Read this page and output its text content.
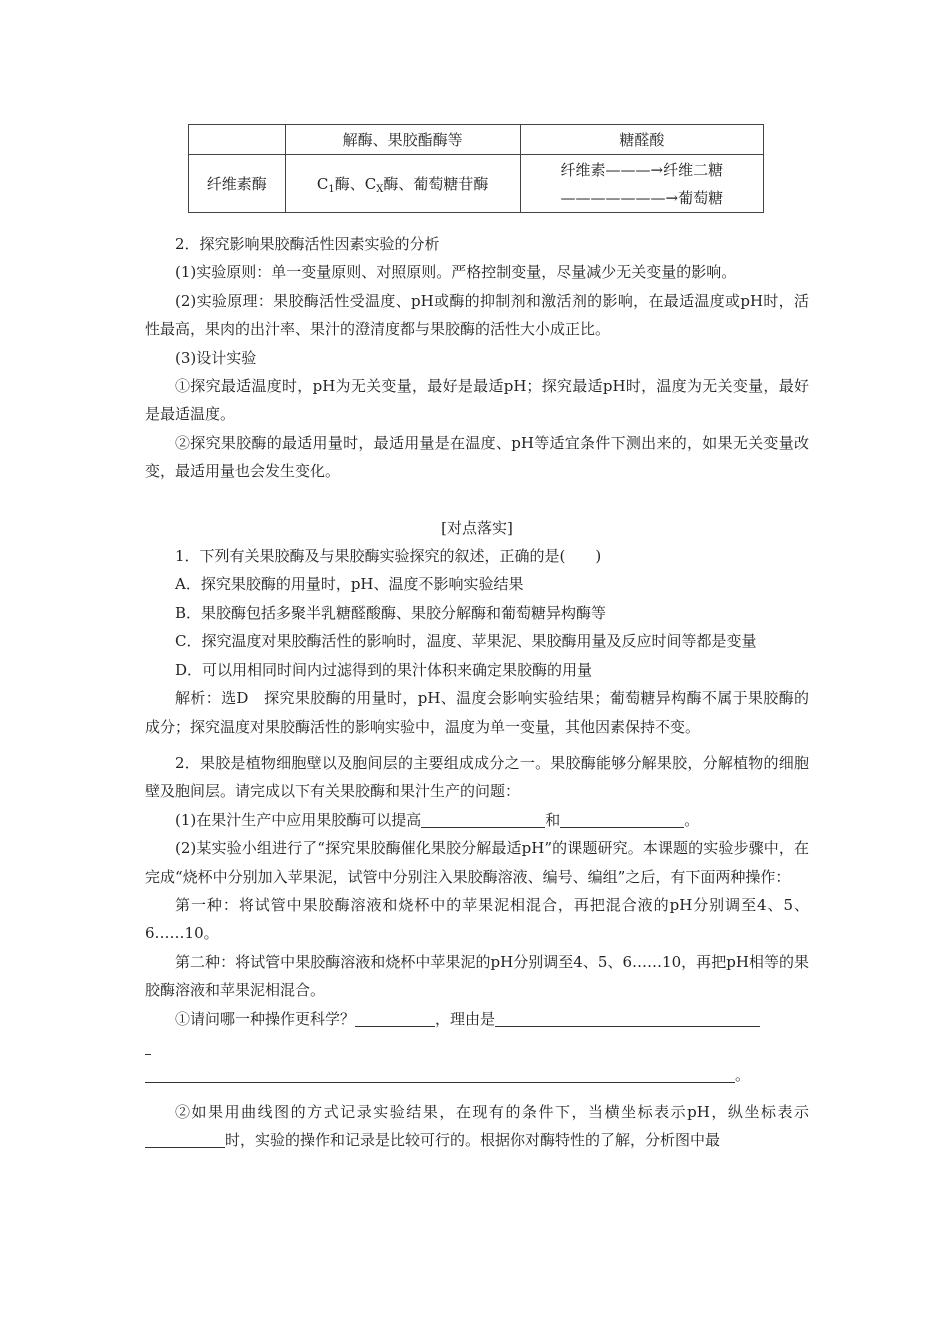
	解酶、果胶酯酶等	糖醛酸
纤维素酶	$C_1$酶、$C_X$酶、葡萄糖苷酶	纤维素———→纤维二糖
———————→葡萄糖

2．探究影响果胶酶活性因素实验的分析

(1)实验原则：单一变量原则、对照原则。严格控制变量，尽量减少无关变量的影响。

(2)实验原理：果胶酶活性受温度、pH或酶的抑制剂和激活剂的影响，在最适温度或pH时，活性最高，果肉的出汁率、果汁的澄清度都与果胶酶的活性大小成正比。

(3)设计实验

①探究最适温度时，pH为无关变量，最好是最适pH；探究最适pH时，温度为无关变量，最好是最适温度。

②探究果胶酶的最适用量时，最适用量是在温度、pH等适宜条件下测出来的，如果无关变量改变，最适用量也会发生变化。

[对点落实]

1．下列有关果胶酶及与果胶酶实验探究的叙述，正确的是(　　)

A．探究果胶酶的用量时，pH、温度不影响实验结果

B．果胶酶包括多聚半乳糖醛酸酶、果胶分解酶和葡萄糖异构酶等

C．探究温度对果胶酶活性的影响时，温度、苹果泥、果胶酶用量及反应时间等都是变量

D．可以用相同时间内过滤得到的果汁体积来确定果胶酶的用量

解析：选D　探究果胶酶的用量时，pH、温度会影响实验结果；葡萄糖异构酶不属于果胶酶的成分；探究温度对果胶酶活性的影响实验中，温度为单一变量，其他因素保持不变。

2．果胶是植物细胞壁以及胞间层的主要组成成分之一。果胶酶能够分解果胶，分解植物的细胞壁及胞间层。请完成以下有关果胶酶和果汁生产的问题：

(1)在果汁生产中应用果胶酶可以提高	和	。

(2)某实验小组进行了“探究果胶酶催化果胶分解最适pH”的课题研究。本课题的实验步骤中，在完成“烧杯中分别加入苹果泥，试管中分别注入果胶酶溶液、编号、编组”之后，有下面两种操作：

第一种：将试管中果胶酶溶液和烧杯中的苹果泥相混合，再把混合液的pH分别调至4、5、6……10。

第二种：将试管中果胶酶溶液和烧杯中苹果泥的pH分别调至4、5、6……10，再把pH相等的果胶酶溶液和苹果泥相混合。

①请问哪一种操作更科学？	，理由是

。

②如果用曲线图的方式记录实验结果，在现有的条件下，当横坐标表示pH，纵坐标表示时，实验的操作和记录是比较可行的。根据你对酶特性的了解，分析图中最
